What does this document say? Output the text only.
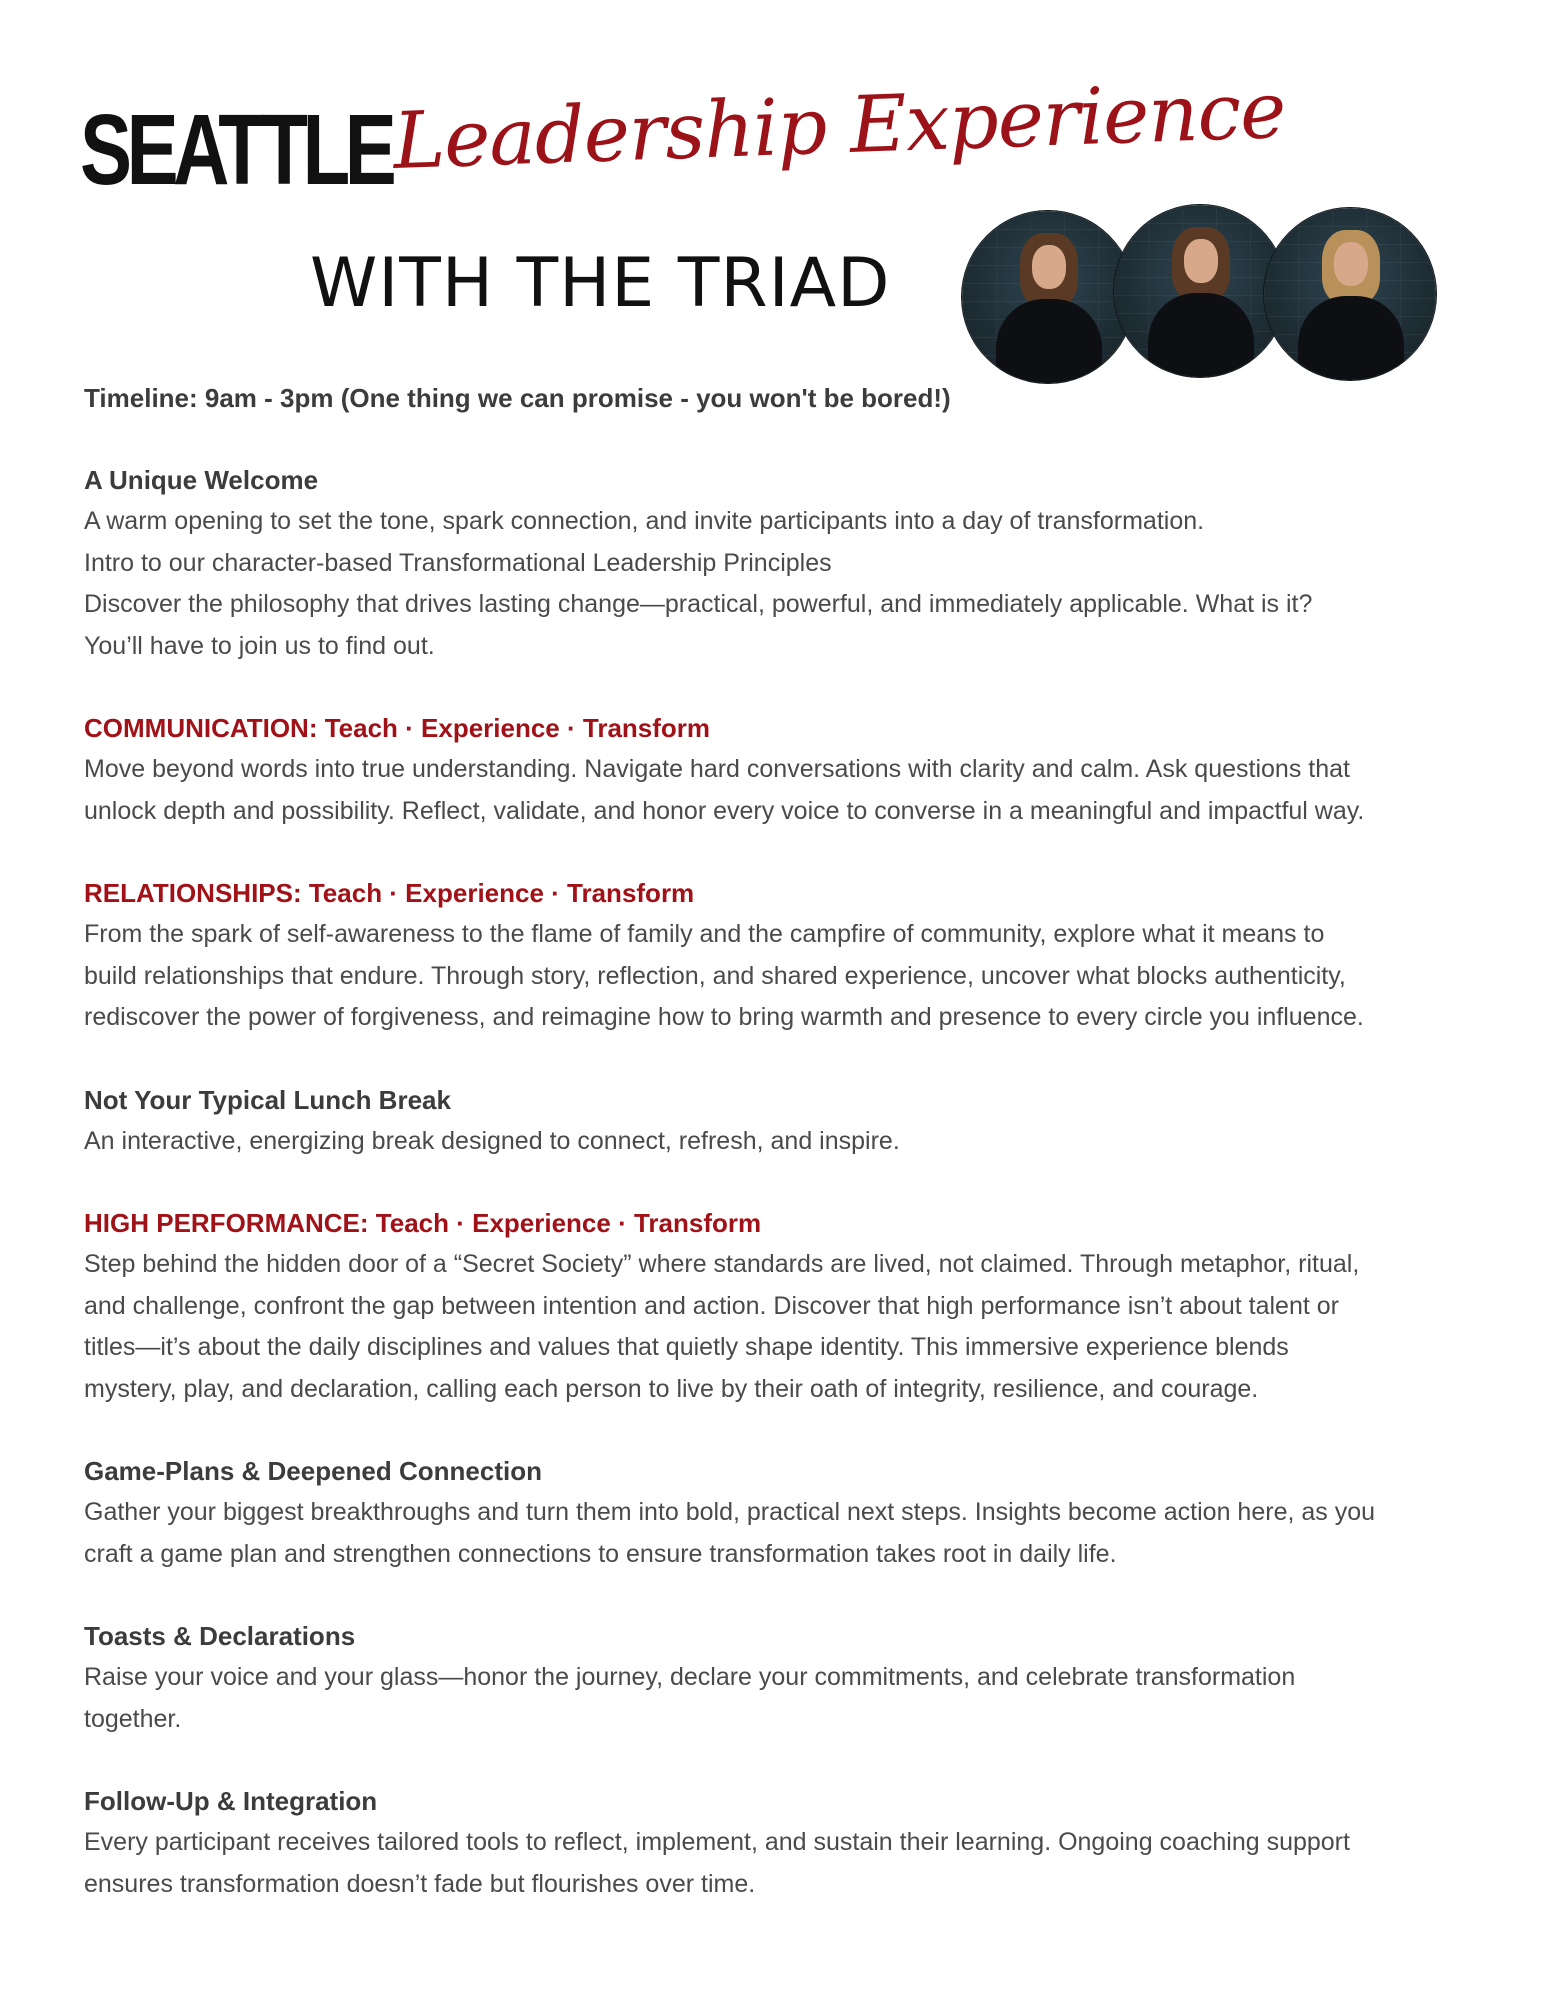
SEATTLE Leadership Experience
WITH THE TRIAD
Timeline: 9am - 3pm (One thing we can promise - you won't be bored!)
A Unique Welcome
A warm opening to set the tone, spark connection, and invite participants into a day of transformation.
Intro to our character-based Transformational Leadership Principles
Discover the philosophy that drives lasting change—practical, powerful, and immediately applicable. What is it?
You’ll have to join us to find out.
COMMUNICATION: Teach · Experience · Transform
Move beyond words into true understanding. Navigate hard conversations with clarity and calm. Ask questions that
unlock depth and possibility. Reflect, validate, and honor every voice to converse in a meaningful and impactful way.
RELATIONSHIPS: Teach · Experience · Transform
From the spark of self-awareness to the flame of family and the campfire of community, explore what it means to
build relationships that endure. Through story, reflection, and shared experience, uncover what blocks authenticity,
rediscover the power of forgiveness, and reimagine how to bring warmth and presence to every circle you influence.
Not Your Typical Lunch Break
An interactive, energizing break designed to connect, refresh, and inspire.
HIGH PERFORMANCE: Teach · Experience · Transform
Step behind the hidden door of a “Secret Society” where standards are lived, not claimed. Through metaphor, ritual,
and challenge, confront the gap between intention and action. Discover that high performance isn’t about talent or
titles—it’s about the daily disciplines and values that quietly shape identity. This immersive experience blends
mystery, play, and declaration, calling each person to live by their oath of integrity, resilience, and courage.
Game-Plans & Deepened Connection
Gather your biggest breakthroughs and turn them into bold, practical next steps. Insights become action here, as you
craft a game plan and strengthen connections to ensure transformation takes root in daily life.
Toasts & Declarations
Raise your voice and your glass—honor the journey, declare your commitments, and celebrate transformation
together.
Follow-Up & Integration
Every participant receives tailored tools to reflect, implement, and sustain their learning. Ongoing coaching support
ensures transformation doesn’t fade but flourishes over time.
